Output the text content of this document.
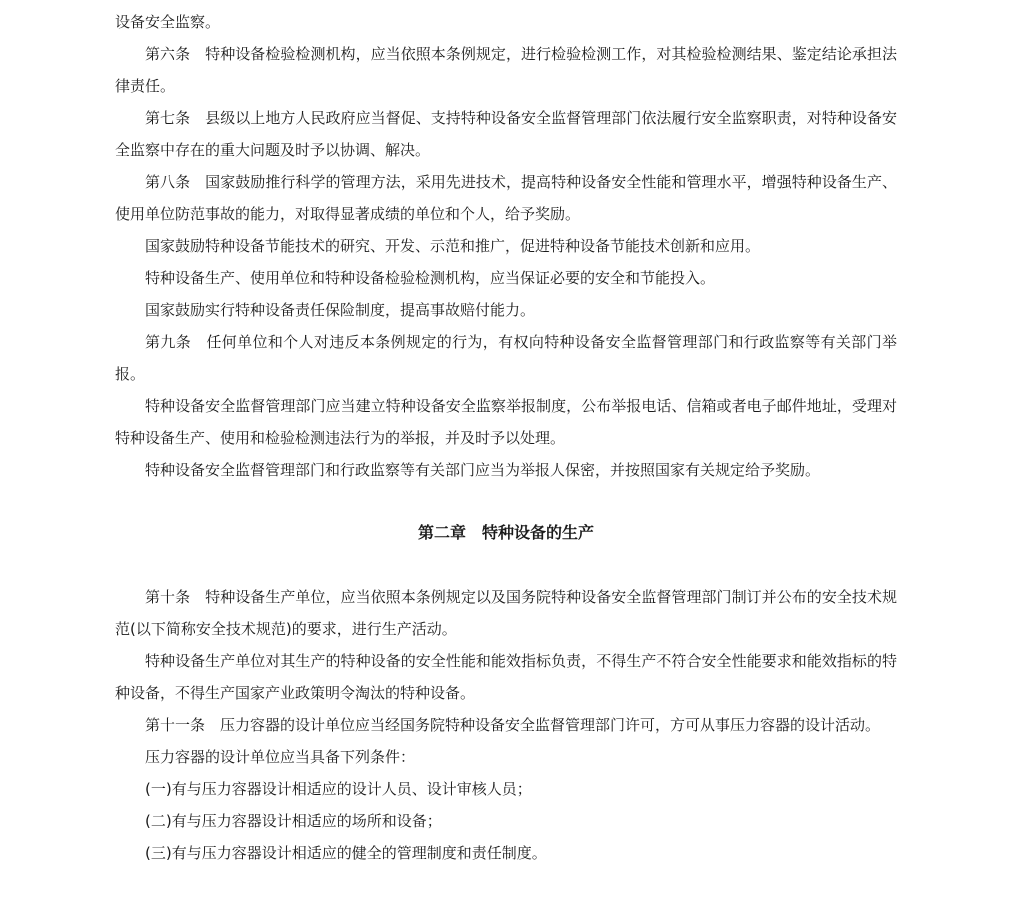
设备安全监察。

第六条　特种设备检验检测机构，应当依照本条例规定，进行检验检测工作，对其检验检测结果、鉴定结论承担法律责任。

第七条　县级以上地方人民政府应当督促、支持特种设备安全监督管理部门依法履行安全监察职责，对特种设备安全监察中存在的重大问题及时予以协调、解决。

第八条　国家鼓励推行科学的管理方法，采用先进技术，提高特种设备安全性能和管理水平，增强特种设备生产、使用单位防范事故的能力，对取得显著成绩的单位和个人，给予奖励。

国家鼓励特种设备节能技术的研究、开发、示范和推广，促进特种设备节能技术创新和应用。

特种设备生产、使用单位和特种设备检验检测机构，应当保证必要的安全和节能投入。

国家鼓励实行特种设备责任保险制度，提高事故赔付能力。

第九条　任何单位和个人对违反本条例规定的行为，有权向特种设备安全监督管理部门和行政监察等有关部门举报。

特种设备安全监督管理部门应当建立特种设备安全监察举报制度，公布举报电话、信箱或者电子邮件地址，受理对特种设备生产、使用和检验检测违法行为的举报，并及时予以处理。

特种设备安全监督管理部门和行政监察等有关部门应当为举报人保密，并按照国家有关规定给予奖励。

第二章　特种设备的生产

第十条　特种设备生产单位，应当依照本条例规定以及国务院特种设备安全监督管理部门制订并公布的安全技术规范(以下简称安全技术规范)的要求，进行生产活动。

特种设备生产单位对其生产的特种设备的安全性能和能效指标负责，不得生产不符合安全性能要求和能效指标的特种设备，不得生产国家产业政策明令淘汰的特种设备。

第十一条　压力容器的设计单位应当经国务院特种设备安全监督管理部门许可，方可从事压力容器的设计活动。

压力容器的设计单位应当具备下列条件：

(一)有与压力容器设计相适应的设计人员、设计审核人员；

(二)有与压力容器设计相适应的场所和设备；

(三)有与压力容器设计相适应的健全的管理制度和责任制度。
